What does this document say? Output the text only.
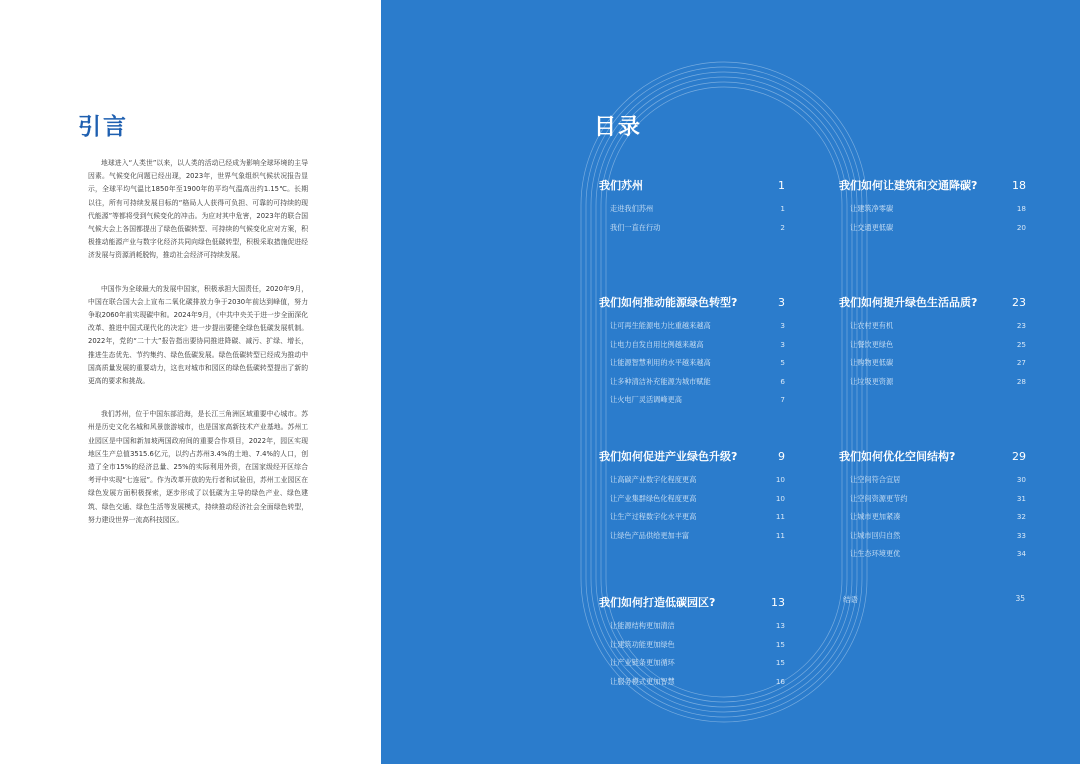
引言

地球进入“人类世”以来，以人类的活动已经成为影响全球环境的主导因素。气候变化问题已经出现，2023年，世界气象组织气候状况报告显示，全球平均气温比1850年至1900年的平均气温高出约1.15℃。长期以往，所有可持续发展目标的“格局人人获得可负担、可靠的可持续的现代能源”等都将受到气候变化的冲击。为应对其中危害，2023年的联合国气候大会上各国都提出了绿色低碳转型、可持续的气候变化应对方案，积极推动能源产业与数字化经济共同向绿色低碳转型，积极采取措施促进经济发展与资源消耗脱钩，推动社会经济可持续发展。

中国作为全球最大的发展中国家，积极承担大国责任，2020年9月，中国在联合国大会上宣布二氧化碳排放力争于2030年前达到峰值，努力争取2060年前实现碳中和。2024年9月，《中共中央关于进一步全面深化改革、推进中国式现代化的决定》进一步提出要健全绿色低碳发展机制。2022年，党的“二十大”报告指出要协同推进降碳、减污、扩绿、增长，推进生态优先、节约集约、绿色低碳发展。绿色低碳转型已经成为推动中国高质量发展的重要动力，这也对城市和园区的绿色低碳转型提出了新的更高的要求和挑战。

我们苏州，位于中国东部沿海，是长江三角洲区域重要中心城市。苏州是历史文化名城和风景旅游城市，也是国家高新技术产业基地。苏州工业园区是中国和新加坡两国政府间的重要合作项目，2022年，园区实现地区生产总值3515.6亿元，以约占苏州3.4%的土地、7.4%的人口，创造了全市15%的经济总量、25%的实际利用外资，在国家级经开区综合考评中实现“七连冠”。作为改革开放的先行者和试验田，苏州工业园区在绿色发展方面积极探索，逐步形成了以低碳为主导的绿色产业、绿色建筑、绿色交通、绿色生活等发展模式，持续推动经济社会全面绿色转型，努力建设世界一流高科技园区。

目录
我们苏州	1
走进我们苏州	1
我们一直在行动	2
我们如何让建筑和交通降碳?	18
让建筑净零碳	18
让交通更低碳	20
我们如何推动能源绿色转型?	3
让可再生能源电力比重越来越高	3
让电力自发自用比例越来越高	3
让能源智慧利用的水平越来越高	5
让多种清洁补充能源为城市赋能	6
让火电厂灵活调峰更高	7
我们如何提升绿色生活品质?	23
让农村更有机	23
让餐饮更绿色	25
让购物更低碳	27
让垃圾更资源	28
我们如何促进产业绿色升级?	9
让高碳产业数字化程度更高	10
让产业集群绿色化程度更高	10
让生产过程数字化水平更高	11
让绿色产品供给更加丰富	11
我们如何优化空间结构?	29
让空间符合宜居	30
让空间资源更节约	31
让城市更加紧凑	32
让城市回归自然	33
让生态环境更优	34
我们如何打造低碳园区?	13
让能源结构更加清洁	13
让建筑功能更加绿色	15
让产业链条更加循环	15
让服务模式更加智慧	16
结语	35
